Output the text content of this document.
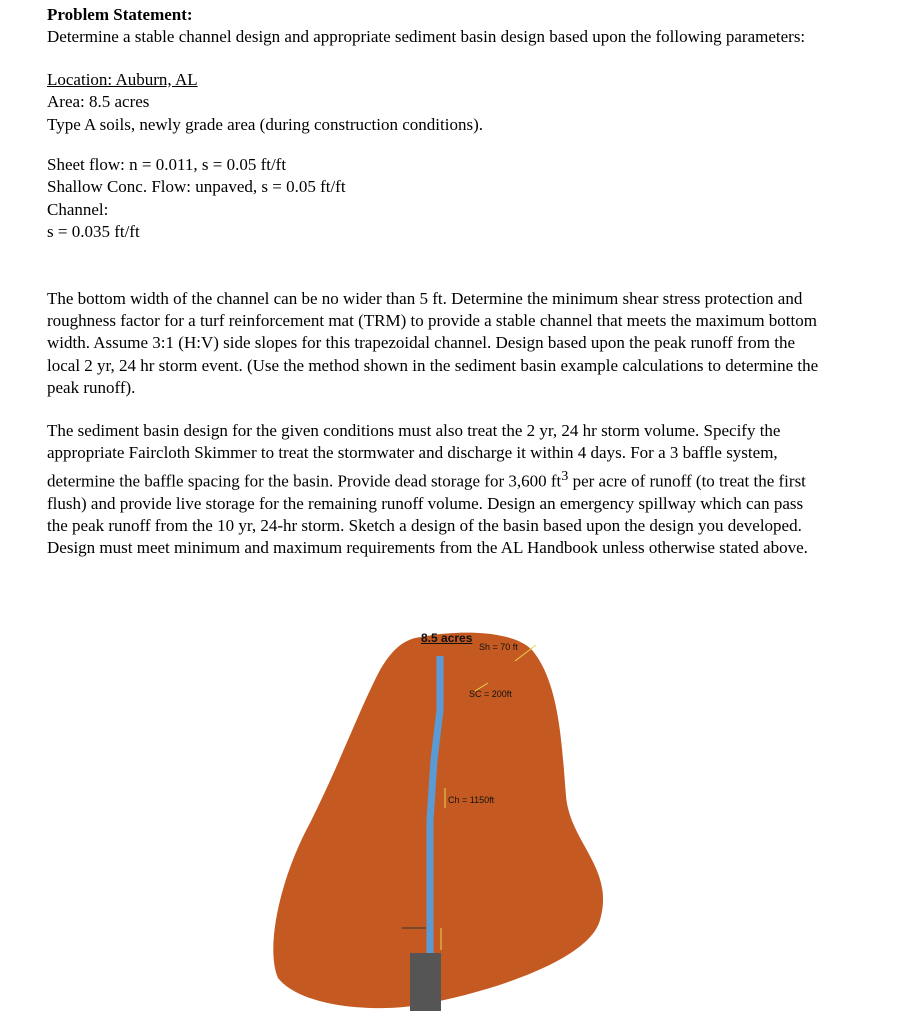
Problem Statement:

Determine a stable channel design and appropriate sediment basin design based upon the following parameters:

Location: Auburn, AL

Area: 8.5 acres

Type A soils, newly grade area (during construction conditions).

Sheet flow: n = 0.011, s = 0.05 ft/ft

Shallow Conc. Flow: unpaved, s = 0.05 ft/ft

Channel:

s = 0.035 ft/ft

The bottom width of the channel can be no wider than 5 ft. Determine the minimum shear stress protection and roughness factor for a turf reinforcement mat (TRM) to provide a stable channel that meets the maximum bottom width. Assume 3:1 (H:V) side slopes for this trapezoidal channel. Design based upon the peak runoff from the local 2 yr, 24 hr storm event. (Use the method shown in the sediment basin example calculations to determine the peak runoff).

The sediment basin design for the given conditions must also treat the 2 yr, 24 hr storm volume. Specify the appropriate Faircloth Skimmer to treat the stormwater and discharge it within 4 days. For a 3 baffle system, determine the baffle spacing for the basin. Provide dead storage for 3,600 $ft^3$ per acre of runoff (to treat the first flush) and provide live storage for the remaining runoff volume. Design an emergency spillway which can pass the peak runoff from the 10 yr, 24-hr storm. Sketch a design of the basin based upon the design you developed. Design must meet minimum and maximum requirements from the AL Handbook unless otherwise stated above.

8.5 acres
Sh = 70 ft
SC = 200ft
Ch = 1150ft
